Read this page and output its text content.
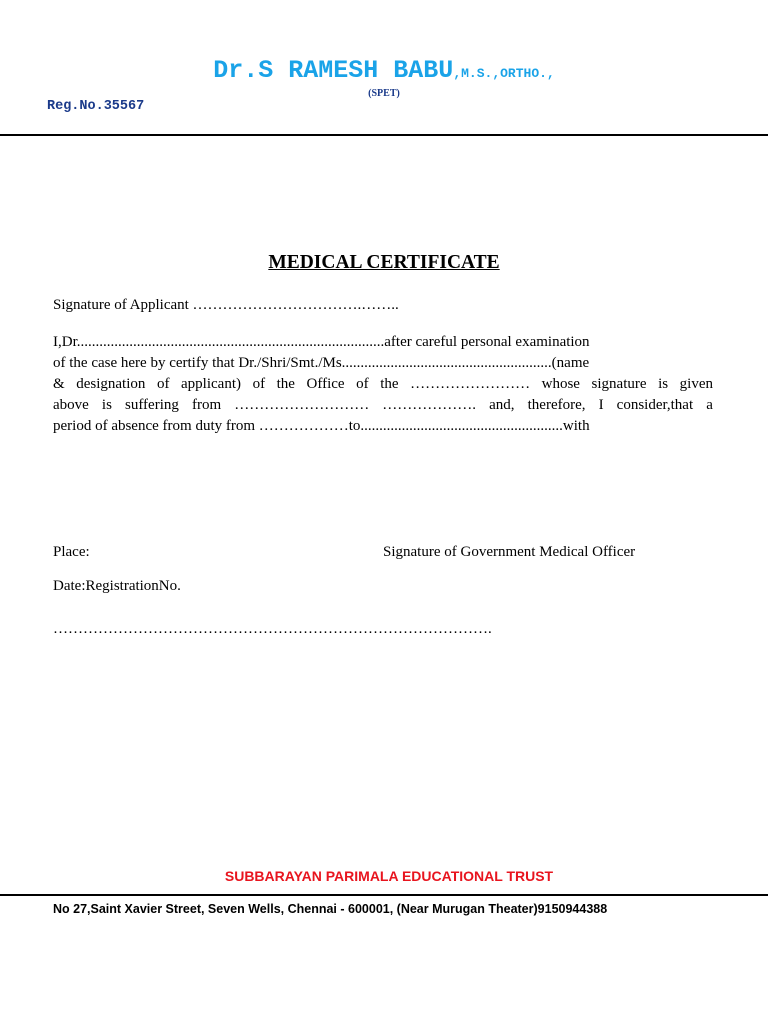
Dr.S RAMESH BABU,M.S.,ORTHO.,
(SPET)
Reg.No.35567
MEDICAL CERTIFICATE
Signature of Applicant …………………………….……..
I,Dr..................................................................................after careful personal examination
of the case here by certify that Dr./Shri/Smt./Ms........................................................(name
& designation of applicant) of the Office of the …………………… whose signature is given
above is suffering from ……………………… ………………. and, therefore, I consider,that a
period of absence from duty from ………………to......................................................with
Place:	Signature of Government Medical Officer
Date:RegistrationNo.
…………………………………………………………………………….
SUBBARAYAN PARIMALA EDUCATIONAL TRUST
No 27,Saint Xavier Street, Seven Wells, Chennai - 600001, (Near Murugan Theater)9150944388
